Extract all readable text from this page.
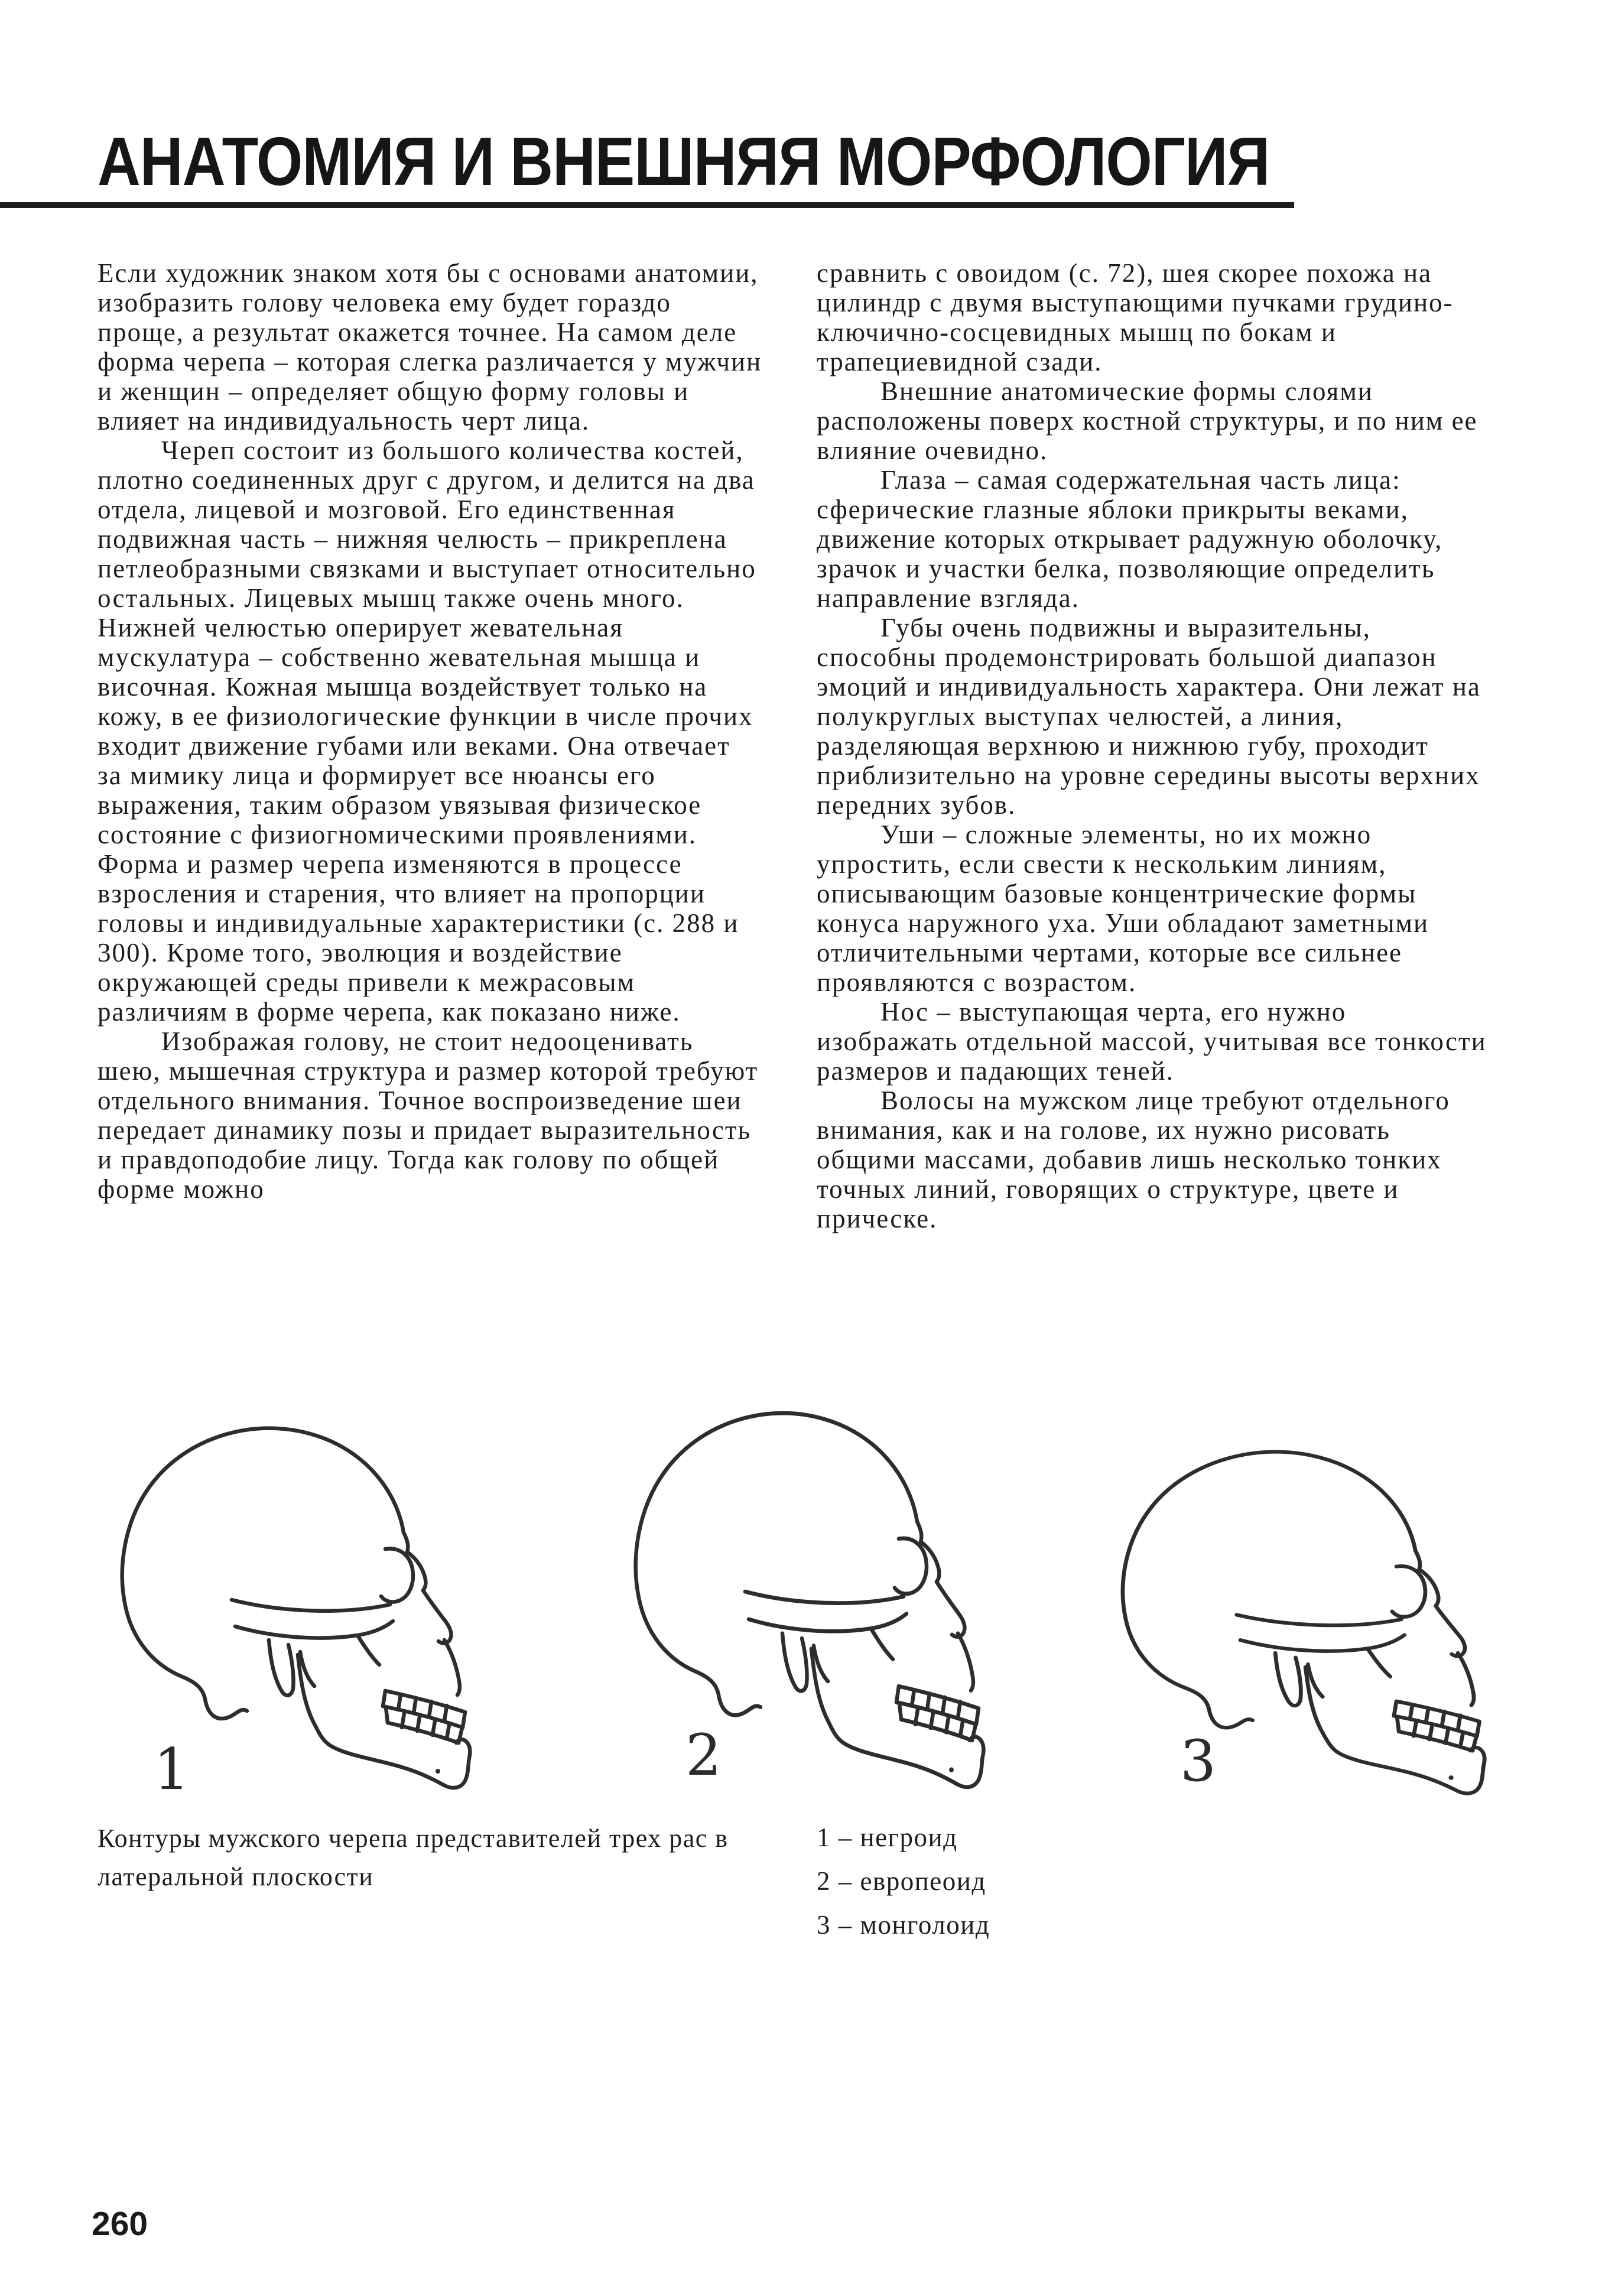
АНАТОМИЯ И ВНЕШНЯЯ МОРФОЛОГИЯ

Если художник знаком хотя бы с основами анатомии, изобразить голову человека ему будет гораздо проще, а результат окажется точнее. На самом деле форма черепа – которая слегка различается у мужчин и женщин – определяет общую форму головы и влияет на индивидуальность черт лица.

Череп состоит из большого количества костей, плотно соединенных друг с другом, и делится на два отдела, лицевой и мозговой. Его единственная подвижная часть – нижняя челюсть – прикреплена петлеобразными связками и выступает относительно остальных. Лицевых мышц также очень много. Нижней челюстью оперирует жевательная мускулатура – собственно жевательная мышца и височная. Кожная мышца воздействует только на кожу, в ее физиологические функции в числе прочих входит движение губами или веками. Она отвечает за мимику лица и формирует все нюансы его выражения, таким образом увязывая физическое состояние с физиогномическими проявлениями. Форма и размер черепа изменяются в процессе взросления и старения, что влияет на пропорции головы и индивидуальные характеристики (с. 288 и 300). Кроме того, эволюция и воздействие окружающей среды привели к межрасовым различиям в форме черепа, как показано ниже.

Изображая голову, не стоит недооценивать шею, мышечная структура и размер которой требуют отдельного внимания. Точное воспроизведение шеи передает динамику позы и придает выразительность и правдоподобие лицу. Тогда как голову по общей форме можно

сравнить с овоидом (с. 72), шея скорее похожа на цилиндр с двумя выступающими пучками грудино-ключично-сосцевидных мышц по бокам и трапециевидной сзади.

Внешние анатомические формы слоями расположены поверх костной структуры, и по ним ее влияние очевидно.

Глаза – самая содержательная часть лица: сферические глазные яблоки прикрыты веками, движение которых открывает радужную оболочку, зрачок и участки белка, позволяющие определить направление взгляда.

Губы очень подвижны и выразительны, способны продемонстрировать большой диапазон эмоций и индивидуальность характера. Они лежат на полукруглых выступах челюстей, а линия, разделяющая верхнюю и нижнюю губу, проходит приблизительно на уровне середины высоты верхних передних зубов.

Уши – сложные элементы, но их можно упростить, если свести к нескольким линиям, описывающим базовые концентрические формы конуса наружного уха. Уши обладают заметными отличительными чертами, которые все сильнее проявляются с возрастом.

Нос – выступающая черта, его нужно изображать отдельной массой, учитывая все тонкости размеров и падающих теней.

Волосы на мужском лице требуют отдельного внимания, как и на голове, их нужно рисовать общими массами, добавив лишь несколько тонких точных линий, говорящих о структуре, цвете и прическе.

1	2	3
Контуры мужского черепа представителей трех рас в латеральной плоскости
1 – негроид
2 – европеоид
3 – монголоид
260
